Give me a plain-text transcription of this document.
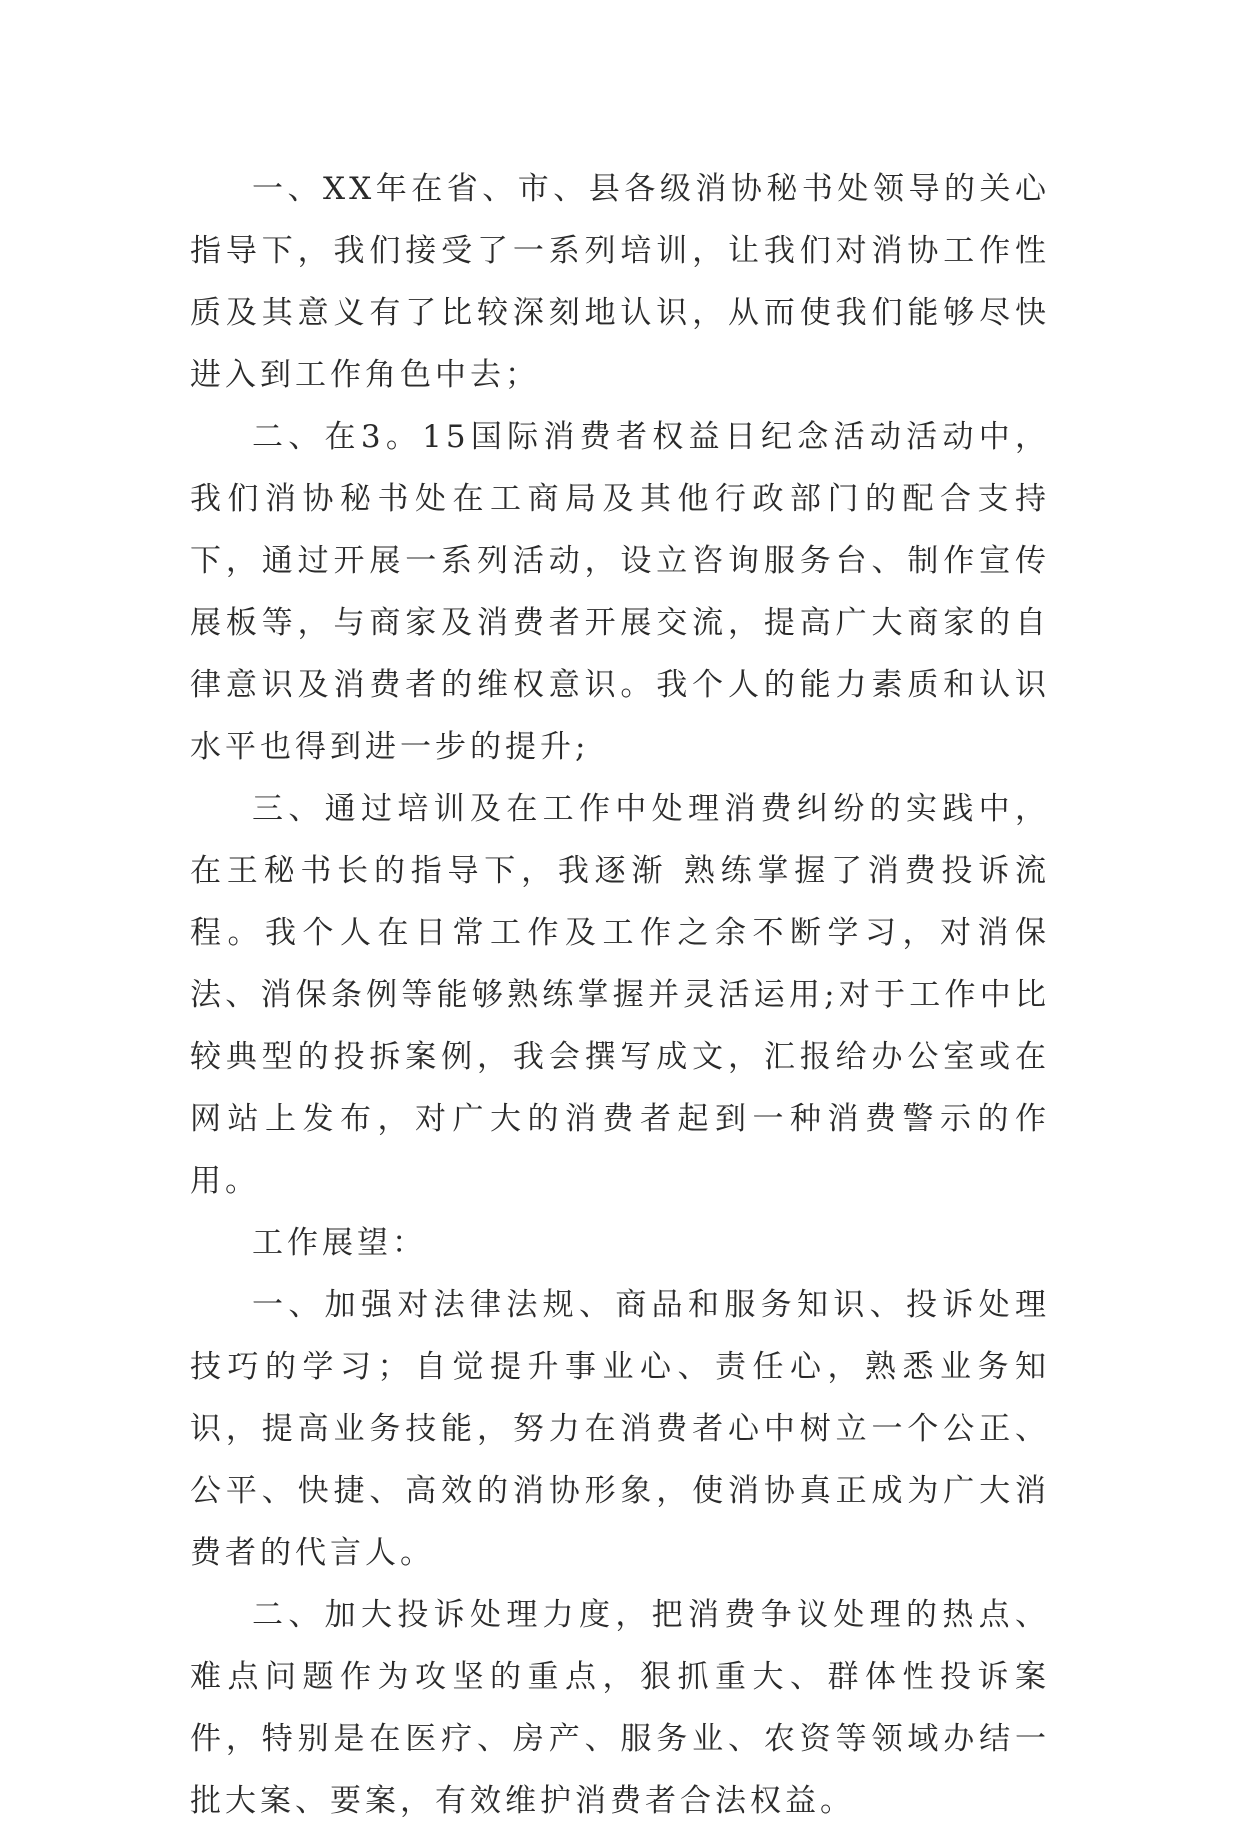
一、XX年在省、市、县各级消协秘书处领导的关心指导下，我们接受了一系列培训，让我们对消协工作性质及其意义有了比较深刻地认识，从而使我们能够尽快进入到工作角色中去；

二、在3。15国际消费者权益日纪念活动活动中，我们消协秘书处在工商局及其他行政部门的配合支持下，通过开展一系列活动，设立咨询服务台、制作宣传展板等，与商家及消费者开展交流，提高广大商家的自律意识及消费者的维权意识。我个人的能力素质和认识水平也得到进一步的提升;

三、通过培训及在工作中处理消费纠纷的实践中，在王秘书长的指导下，我逐渐 熟练掌握了消费投诉流程。我个人在日常工作及工作之余不断学习，对消保法、消保条例等能够熟练掌握并灵活运用;对于工作中比较典型的投拆案例，我会撰写成文，汇报给办公室或在网站上发布，对广大的消费者起到一种消费警示的作用。

工作展望：

一、加强对法律法规、商品和服务知识、投诉处理技巧的学习；自觉提升事业心、责任心，熟悉业务知识，提高业务技能，努力在消费者心中树立一个公正、公平、快捷、高效的消协形象，使消协真正成为广大消费者的代言人。

二、加大投诉处理力度，把消费争议处理的热点、难点问题作为攻坚的重点，狠抓重大、群体性投诉案件，特别是在医疗、房产、服务业、农资等领域办结一批大案、要案，有效维护消费者合法权益。
